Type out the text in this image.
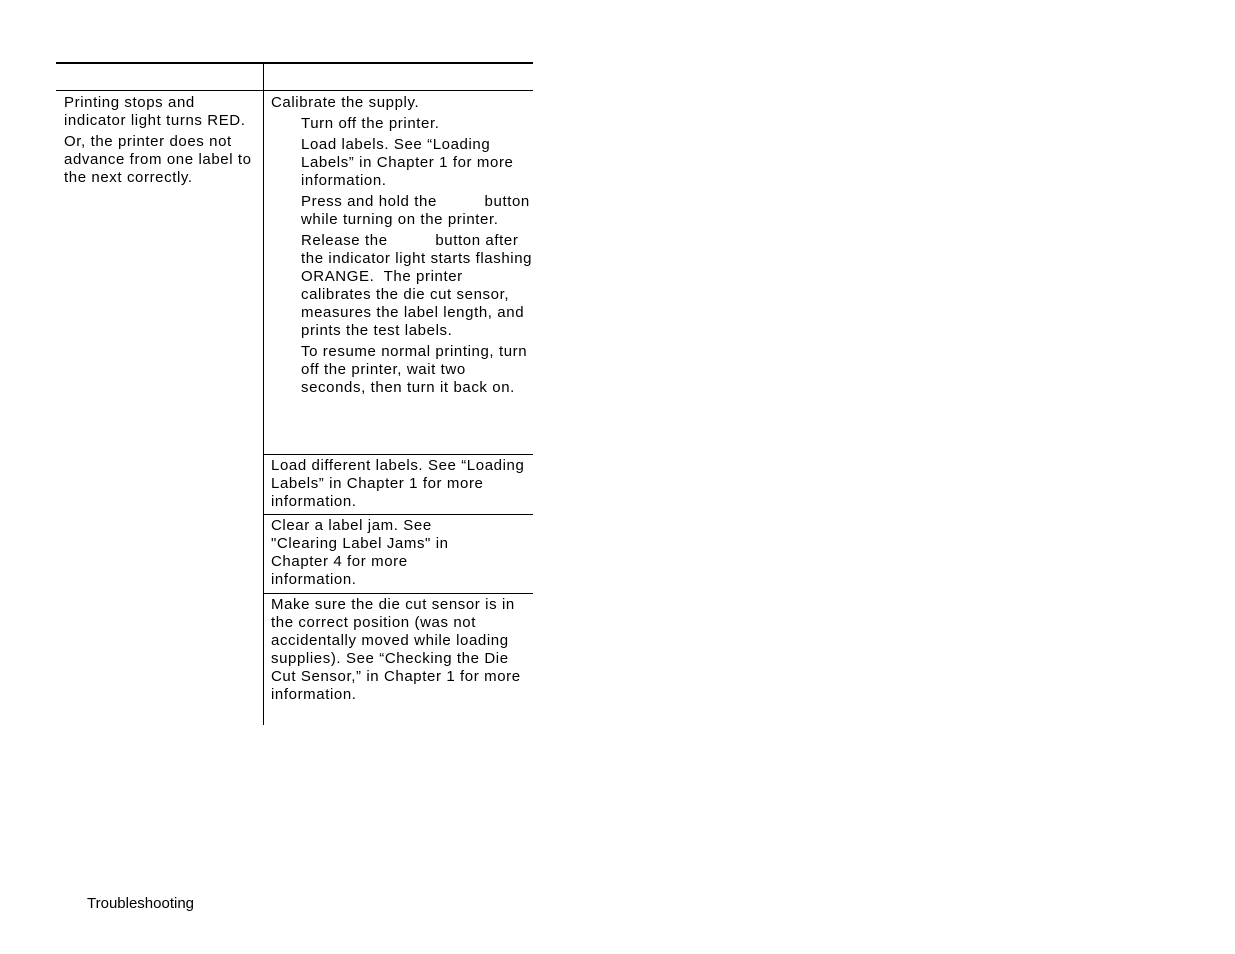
Printing stops and indicator light turns RED.

Or, the printer does not advance from one label to the next correctly.

Calibrate the supply.

Turn off the printer.
Load labels. See “Loading Labels” in Chapter 1 for more information.
Press and hold the          button while turning on the printer.
Release the          button after the indicator light starts flashing ORANGE.  The printer calibrates the die cut sensor, measures the label length, and prints the test labels.
To resume normal printing, turn off the printer, wait two seconds, then turn it back on.

Load different labels. See “Loading Labels” in Chapter 1 for more information.

Clear a label jam. See "Clearing Label Jams" in Chapter 4 for more information.

Make sure the die cut sensor is in the correct position (was not accidentally moved while loading supplies). See “Checking the Die Cut Sensor,” in Chapter 1 for more information.

Troubleshooting
